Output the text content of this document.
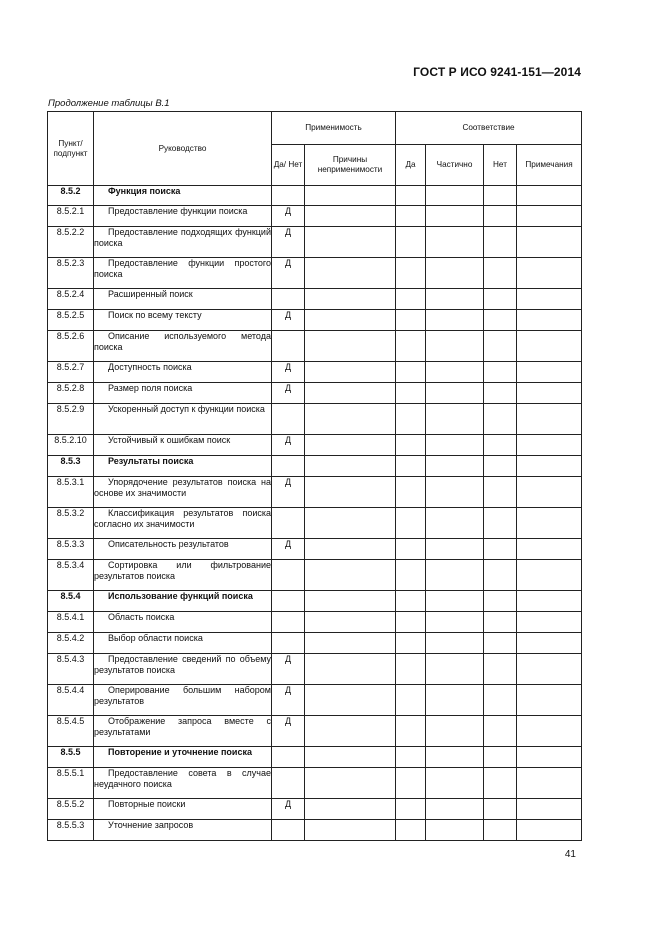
ГОСТ Р ИСО 9241-151—2014
Продолжение таблицы В.1
Пункт/ подпункт	Руководство	Применимость		Соответствие			
		Да/ Нет	Причины неприменимости	Да	Частично	Нет	Примечания
8.5.2	Функция поиска						
8.5.2.1	Предоставление функции поиска	Д					
8.5.2.2	Предоставление подходящих функций поиска	Д					
8.5.2.3	Предоставление функции простого поиска	Д					
8.5.2.4	Расширенный поиск						
8.5.2.5	Поиск по всему тексту	Д					
8.5.2.6	Описание используемого метода поиска						
8.5.2.7	Доступность поиска	Д					
8.5.2.8	Размер поля поиска	Д					
8.5.2.9	Ускоренный доступ к функции поиска						
8.5.2.10	Устойчивый к ошибкам поиск	Д					
8.5.3	Результаты поиска						
8.5.3.1	Упорядочение результатов поиска на основе их значимости	Д					
8.5.3.2	Классификация результатов поиска согласно их значимости						
8.5.3.3	Описательность результатов	Д					
8.5.3.4	Сортировка или фильтрование результатов поиска						
8.5.4	Использование функций поиска						
8.5.4.1	Область поиска						
8.5.4.2	Выбор области поиска						
8.5.4.3	Предоставление сведений по объему результатов поиска	Д					
8.5.4.4	Оперирование большим набором результатов	Д					
8.5.4.5	Отображение запроса вместе с результатами	Д					
8.5.5	Повторение и уточнение поиска						
8.5.5.1	Предоставление совета в случае неудачного поиска						
8.5.5.2	Повторные поиски	Д					
8.5.5.3	Уточнение запросов						
41
